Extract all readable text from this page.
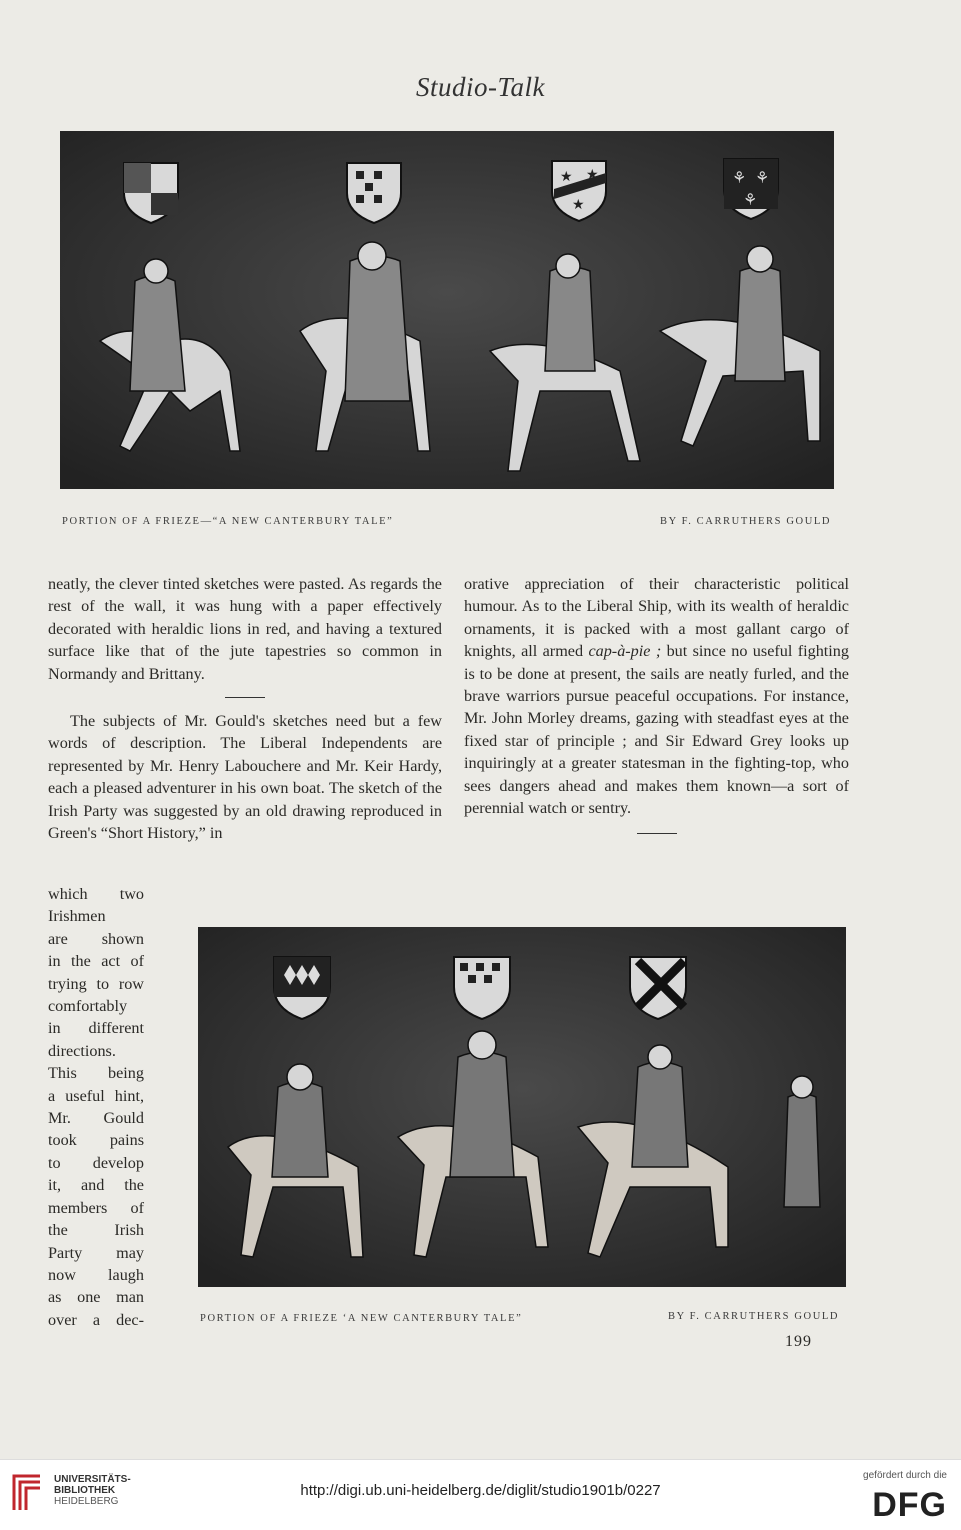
Studio-Talk
★ ★
★
⚘ ⚘
⚘
PORTION OF A FRIEZE—“A NEW CANTERBURY TALE”	BY F. CARRUTHERS GOULD

neatly, the clever tinted sketches were pasted. As regards the rest of the wall, it was hung with a paper effectively decorated with heraldic lions in red, and having a textured surface like that of the jute tapestries so common in Normandy and Brittany.

The subjects of Mr. Gould's sketches need but a few words of description. The Liberal Independents are represented by Mr. Henry Labouchere and Mr. Keir Hardy, each a pleased adventurer in his own boat. The sketch of the Irish Party was suggested by an old drawing reproduced in Green's “Short History,” in

which two
Irishmen
are shown
in the act of
trying to row
comfortably
in different
directions.
This being
a useful hint,
Mr. Gould
took pains
to develop
it, and the
members of
the Irish
Party may
now laugh
as one man
over a dec-

orative appreciation of their characteristic political humour. As to the Liberal Ship, with its wealth of heraldic ornaments, it is packed with a most gallant cargo of knights, all armed cap-à-pie ; but since no useful fighting is to be done at present, the sails are neatly furled, and the brave warriors pursue peaceful occupations. For instance, Mr. John Morley dreams, gazing with steadfast eyes at the fixed star of principle ; and Sir Edward Grey looks up inquiringly at a greater statesman in the fighting-top, who sees dangers ahead and makes them known—a sort of perennial watch or sentry.

PORTION OF A FRIEZE ‘A NEW CANTERBURY TALE”	BY F. CARRUTHERS GOULD
199
UNIVERSITÄTS-
BIBLIOTHEK
HEIDELBERG
http://digi.ub.uni-heidelberg.de/diglit/studio1901b/0227
gefördert durch die
DFG
